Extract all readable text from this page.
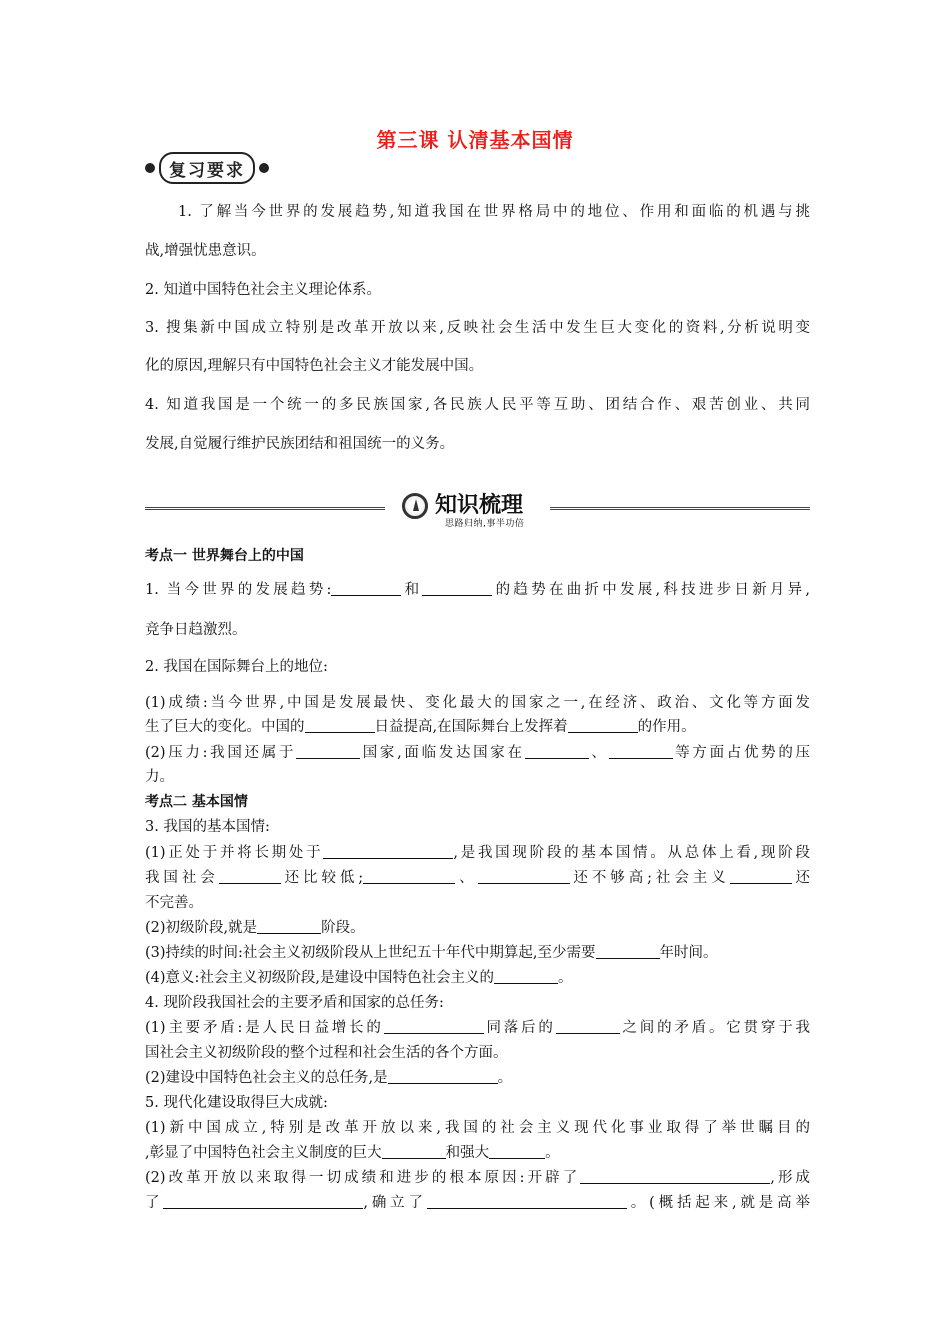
第三课 认清基本国情
复习要求
1. 了解当今世界的发展趋势,知道我国在世界格局中的地位、作用和面临的机遇与挑
战,增强忧患意识。
2. 知道中国特色社会主义理论体系。
3. 搜集新中国成立特别是改革开放以来,反映社会生活中发生巨大变化的资料,分析说明变
化的原因,理解只有中国特色社会主义才能发展中国。
4. 知道我国是一个统一的多民族国家,各民族人民平等互助、团结合作、艰苦创业、共同
发展,自觉履行维护民族团结和祖国统一的义务。
知识梳理
思路归纳,事半功倍
考点一 世界舞台上的中国
1. 当今世界的发展趋势:	和	的趋势在曲折中发展,科技进步日新月异,
竞争日趋激烈。
2. 我国在国际舞台上的地位:
(1)成绩:当今世界,中国是发展最快、变化最大的国家之一,在经济、政治、文化等方面发
生了巨大的变化。中国的	日益提高,在国际舞台上发挥着	的作用。
(2)压力:我国还属于	国家,面临发达国家在	、	等方面占优势的压
力。
考点二 基本国情
3. 我国的基本国情:
(1)正处于并将长期处于	,是我国现阶段的基本国情。从总体上看,现阶段
我国社会	还比较低;	、	还不够高;社会主义	还
不完善。
(2)初级阶段,就是	阶段。
(3)持续的时间:社会主义初级阶段从上世纪五十年代中期算起,至少需要	年时间。
(4)意义:社会主义初级阶段,是建设中国特色社会主义的	。
4. 现阶段我国社会的主要矛盾和国家的总任务:
(1)主要矛盾:是人民日益增长的	同落后的	之间的矛盾。它贯穿于我
国社会主义初级阶段的整个过程和社会生活的各个方面。
(2)建设中国特色社会主义的总任务,是	。
5. 现代化建设取得巨大成就:
(1)新中国成立,特别是改革开放以来,我国的社会主义现代化事业取得了举世瞩目的
,彰显了中国特色社会主义制度的巨大	和强大	。
(2)改革开放以来取得一切成绩和进步的根本原因:开辟了	,形成
了	,确立了	。(概括起来,就是高举
